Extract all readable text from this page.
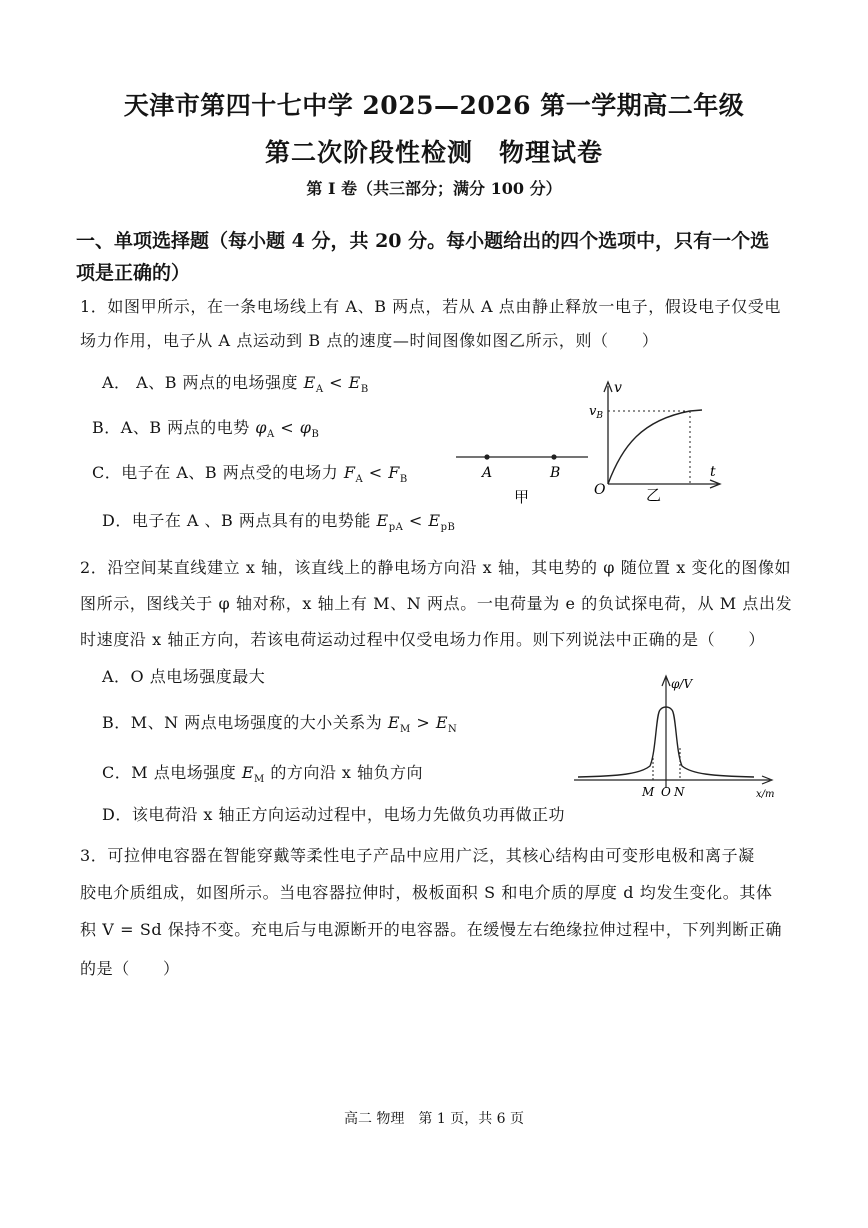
天津市第四十七中学 2025—2026 第一学期高二年级
第二次阶段性检测　物理试卷
第 I 卷（共三部分；满分 100 分）
一、单项选择题（每小题 4 分，共 20 分。每小题给出的四个选项中，只有一个选
项是正确的）
1．如图甲所示，在一条电场线上有 A、B 两点，若从 A 点由静止释放一电子，假设电子仅受电
场力作用，电子从 A 点运动到 B 点的速度—时间图像如图乙所示，则（　　）
A． A、B 两点的电场强度 $E_A < E_B$
B．A、B 两点的电势 $\varphi_A < \varphi_B$
C．电子在 A、B 两点受的电场力 $F_A < F_B$
D．电子在 A 、B 两点具有的电势能 $E_{pA} < E_{pB}$
A	B
甲
v
$v_B$
O
t
乙
2．沿空间某直线建立 x 轴，该直线上的静电场方向沿 x 轴，其电势的 φ 随位置 x 变化的图像如
图所示，图线关于 φ 轴对称，x 轴上有 M、N 两点。一电荷量为 e 的负试探电荷，从 M 点出发
时速度沿 x 轴正方向，若该电荷运动过程中仅受电场力作用。则下列说法中正确的是（　　）
A．O 点电场强度最大
B．M、N 两点电场强度的大小关系为 $E_M > E_N$
C．M 点电场强度 $E_M$ 的方向沿 x 轴负方向
D．该电荷沿 x 轴正方向运动过程中，电场力先做负功再做正功
φ/V
x/m
M O N
3．可拉伸电容器在智能穿戴等柔性电子产品中应用广泛，其核心结构由可变形电极和离子凝
胶电介质组成，如图所示。当电容器拉伸时，极板面积 S 和电介质的厚度 d 均发生变化。其体
积 V = Sd 保持不变。充电后与电源断开的电容器。在缓慢左右绝缘拉伸过程中，下列判断正确
的是（　　）
高二 物理　第 1 页，共 6 页
